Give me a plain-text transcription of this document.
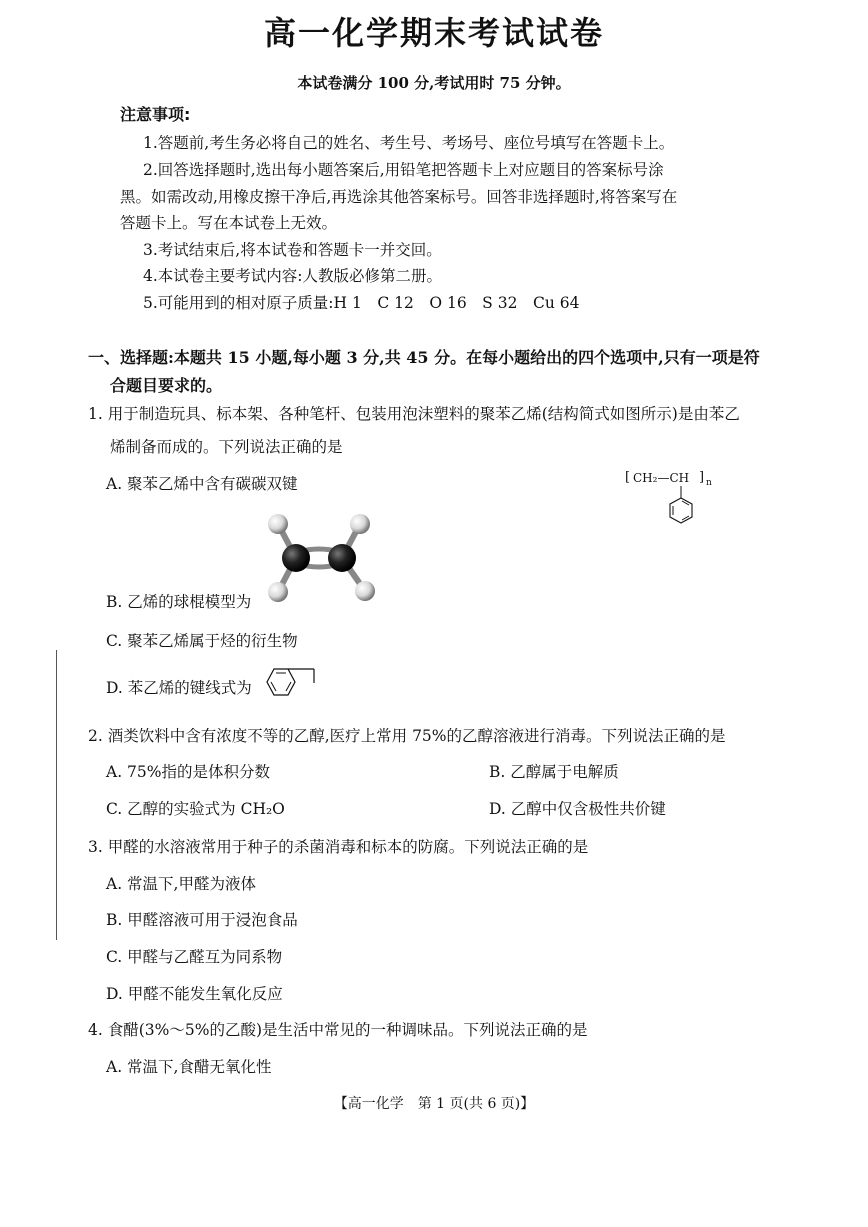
高一化学期末考试试卷
本试卷满分 100 分,考试用时 75 分钟。
注意事项:
1.答题前,考生务必将自己的姓名、考生号、考场号、座位号填写在答题卡上。
2.回答选择题时,选出每小题答案后,用铅笔把答题卡上对应题目的答案标号涂
黑。如需改动,用橡皮擦干净后,再选涂其他答案标号。回答非选择题时,将答案写在
答题卡上。写在本试卷上无效。
3.考试结束后,将本试卷和答题卡一并交回。
4.本试卷主要考试内容:人教版必修第二册。
5.可能用到的相对原子质量:H 1　C 12　O 16　S 32　Cu 64
一、选择题:本题共 15 小题,每小题 3 分,共 45 分。在每小题给出的四个选项中,只有一项是符
合题目要求的。
1. 用于制造玩具、标本架、各种笔杆、包装用泡沫塑料的聚苯乙烯(结构简式如图所示)是由苯乙
烯制备而成的。下列说法正确的是
[ CH₂—CH ] n
A. 聚苯乙烯中含有碳碳双键
B. 乙烯的球棍模型为
C. 聚苯乙烯属于烃的衍生物
D. 苯乙烯的键线式为
2. 酒类饮料中含有浓度不等的乙醇,医疗上常用 75%的乙醇溶液进行消毒。下列说法正确的是
A. 75%指的是体积分数	B. 乙醇属于电解质
C. 乙醇的实验式为 CH₂O	D. 乙醇中仅含极性共价键
3. 甲醛的水溶液常用于种子的杀菌消毒和标本的防腐。下列说法正确的是
A. 常温下,甲醛为液体
B. 甲醛溶液可用于浸泡食品
C. 甲醛与乙醛互为同系物
D. 甲醛不能发生氧化反应
4. 食醋(3%～5%的乙酸)是生活中常见的一种调味品。下列说法正确的是
A. 常温下,食醋无氧化性
【高一化学　第 1 页(共 6 页)】
